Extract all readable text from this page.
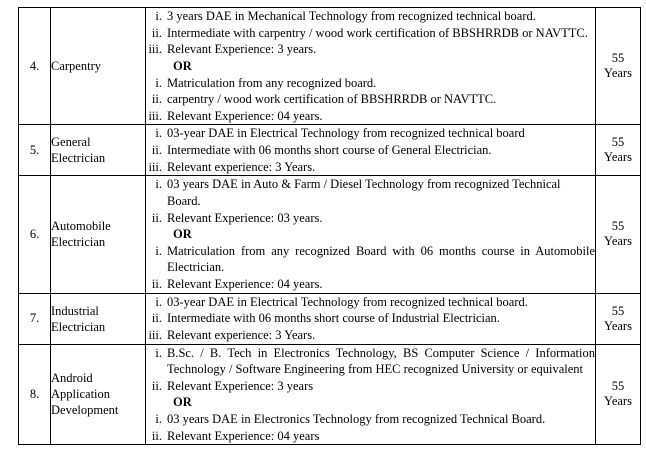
4.	Carpentry	
i. 3 years DAE in Mechanical Technology from recognized technical board.
ii. Intermediate with carpentry / wood work certification of BBSHRRDB or NAVTTC.
iii. Relevant Experience: 3 years.
OR
i. Matriculation from any recognized board.
ii. carpentry / wood work certification of BBSHRRDB or NAVTTC.
iii. Relevant Experience: 04 years.

55
Years

5.	General Electrician	
i. 03-year DAE in Electrical Technology from recognized technical board
ii. Intermediate with 06 months short course of General Electrician.
iii. Relevant experience: 3 Years.

55
Years

6.	Automobile Electrician	
i. 03 years DAE in Auto & Farm / Diesel Technology from recognized Technical Board.
ii. Relevant Experience: 03 years.
OR
i. Matriculation from any recognized Board with 06 months course in Automobile Electrician.
ii. Relevant Experience: 04 years.

55
Years

7.	Industrial Electrician	
i. 03-year DAE in Electrical Technology from recognized technical board.
ii. Intermediate with 06 months short course of Industrial Electrician.
iii. Relevant experience: 3 Years.

55
Years

8.	Android Application Development	
i. B.Sc. / B. Tech in Electronics Technology, BS Computer Science / Information Technology / Software Engineering from HEC recognized University or equivalent
ii. Relevant Experience: 3 years
OR
i. 03 years DAE in Electronics Technology from recognized Technical Board.
ii. Relevant Experience: 04 years

55
Years
